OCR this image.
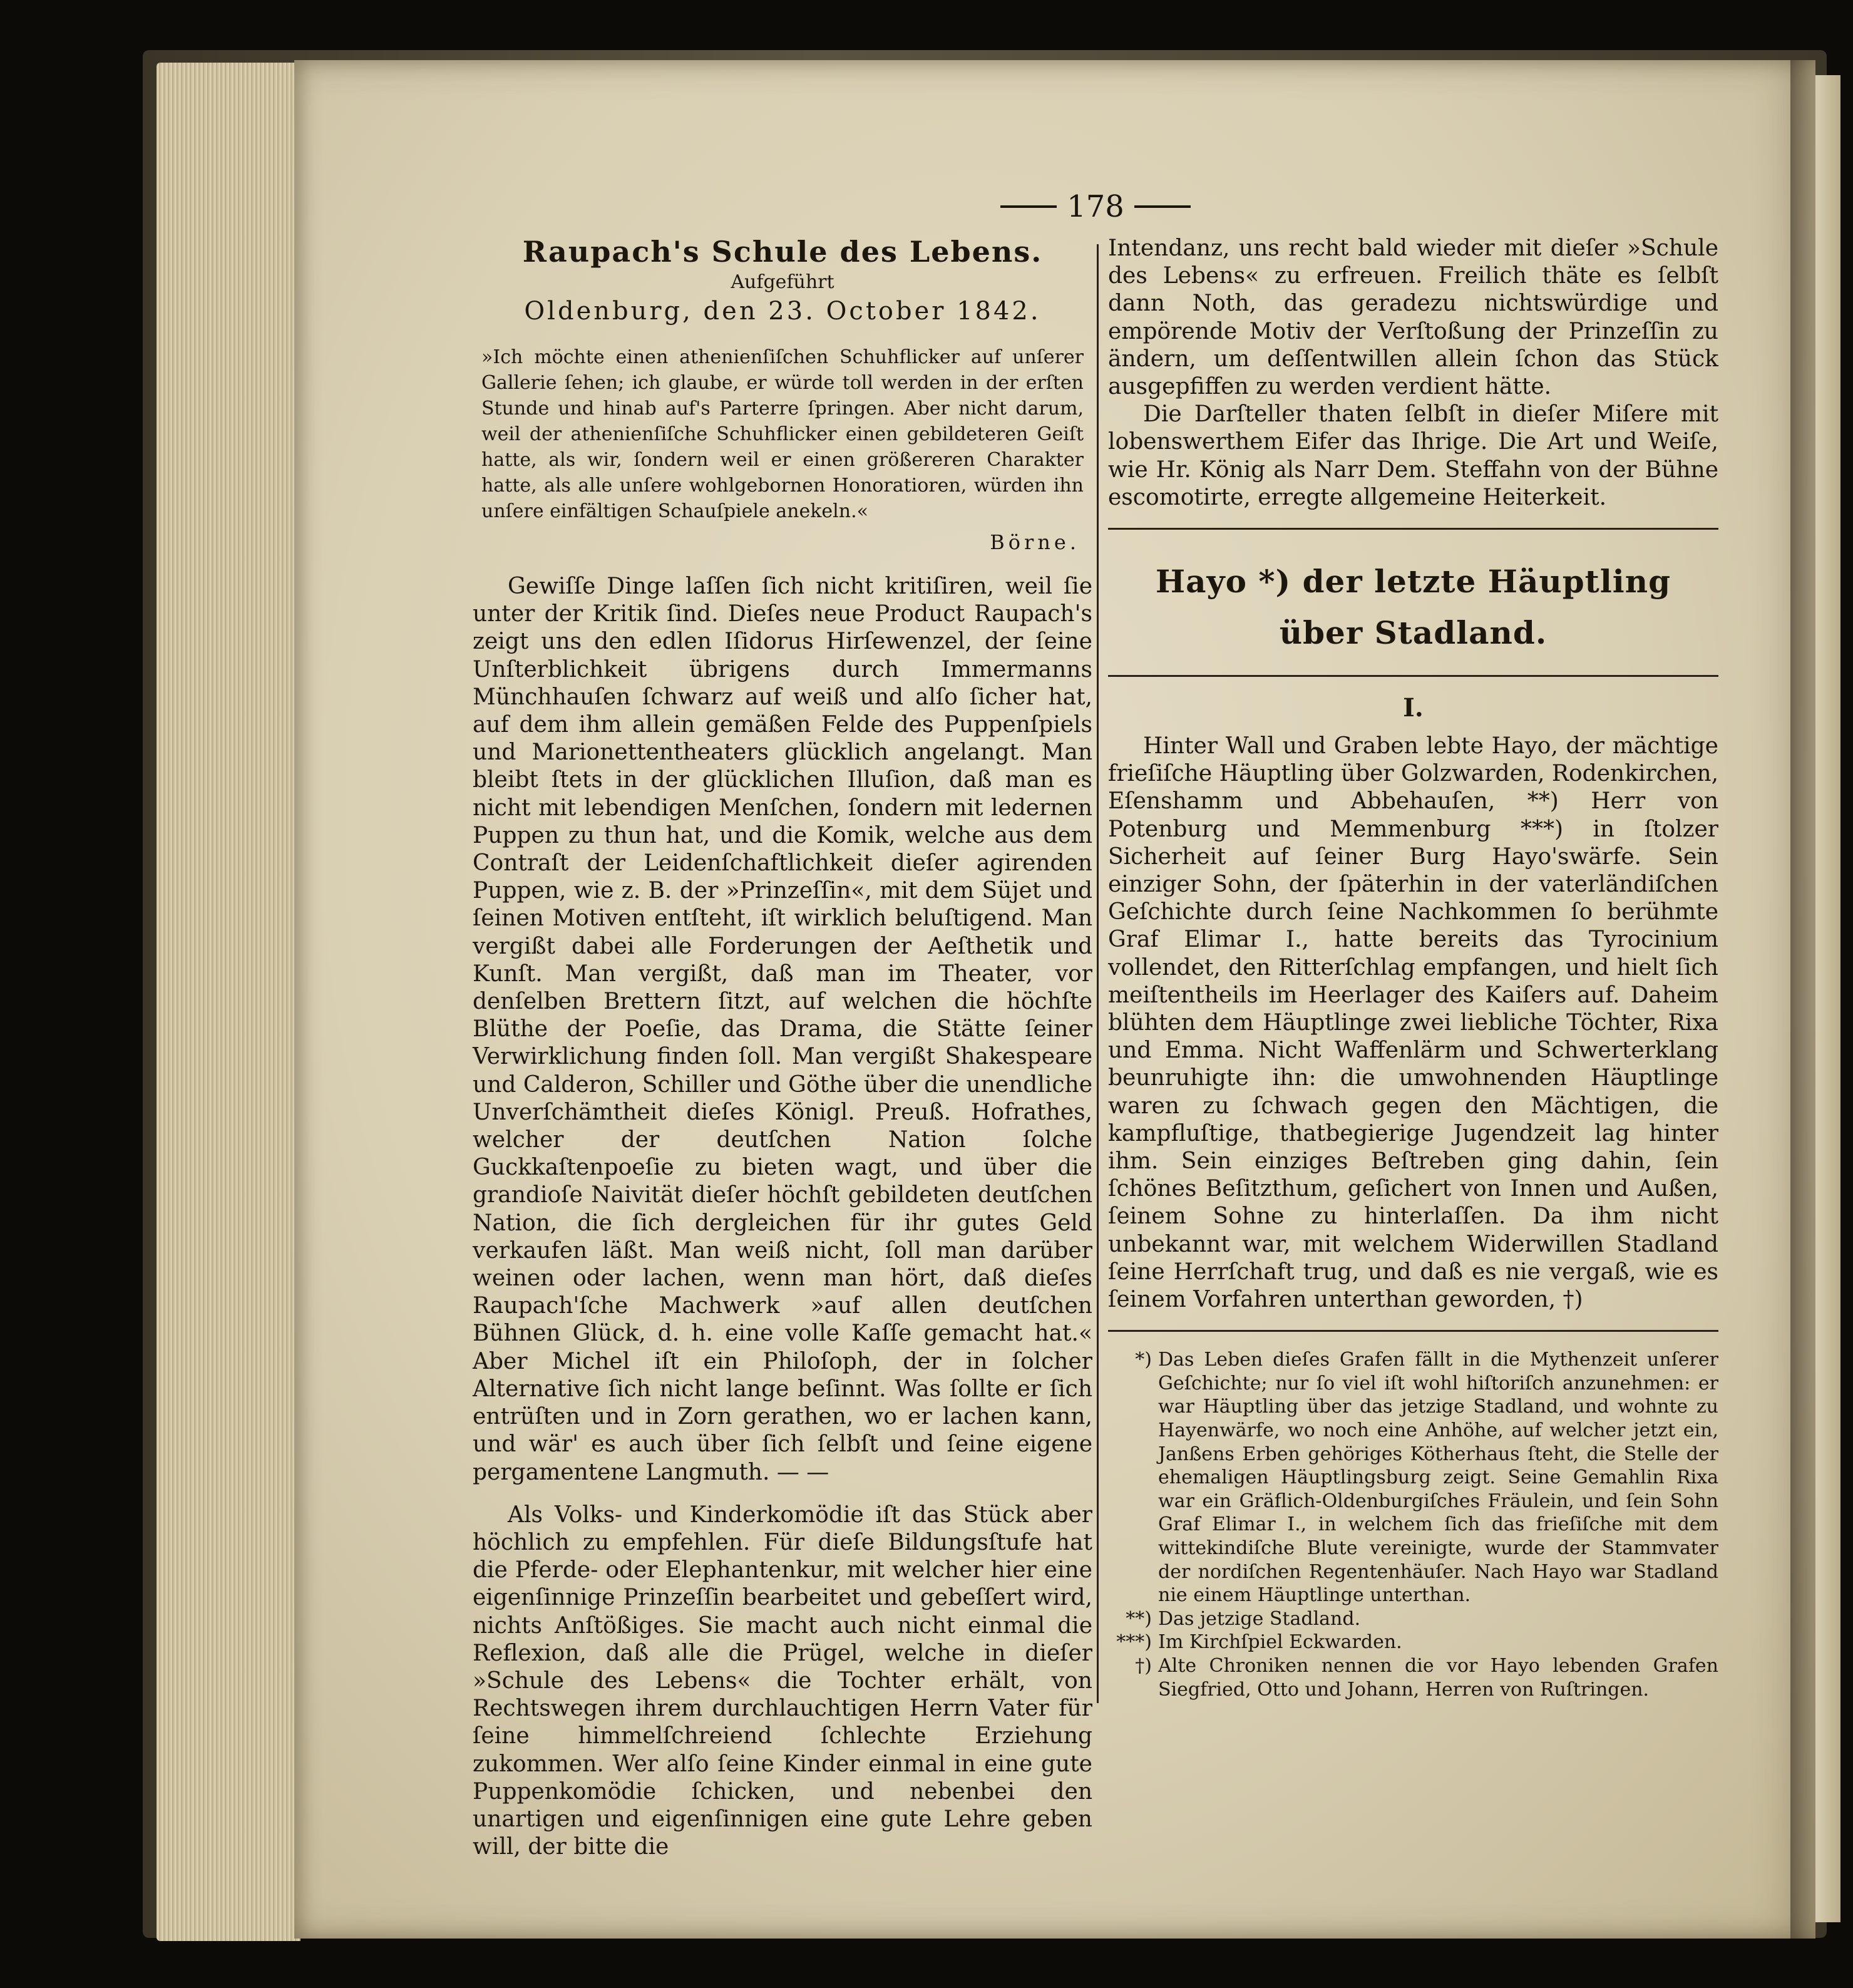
178
Raupach's Schule des Lebens.

Aufgeführt

Oldenburg, den 23. October 1842.

»Ich möchte einen athenienſiſchen Schuhflicker auf unſerer Gallerie ſehen; ich glaube, er würde toll werden in der erſten Stunde und hinab auf's Parterre ſpringen. Aber nicht darum, weil der athenienſiſche Schuhflicker einen gebildeteren Geiſt hatte, als wir, ſondern weil er einen größereren Charakter hatte, als alle unſere wohlgebornen Honoratioren, würden ihn unſere einfältigen Schauſpiele anekeln.«

Börne.

Gewiſſe Dinge laſſen ſich nicht kritiſiren, weil ſie unter der Kritik ſind. Dieſes neue Product Raupach's zeigt uns den edlen Iſidorus Hirſewenzel, der ſeine Unſterblichkeit übrigens durch Immermanns Münchhauſen ſchwarz auf weiß und alſo ſicher hat, auf dem ihm allein gemäßen Felde des Puppenſpiels und Marionettentheaters glücklich angelangt. Man bleibt ſtets in der glücklichen Illuſion, daß man es nicht mit lebendigen Menſchen, ſondern mit ledernen Puppen zu thun hat, und die Komik, welche aus dem Contraſt der Leidenſchaftlichkeit dieſer agirenden Puppen, wie z. B. der »Prinzeſſin«, mit dem Süjet und ſeinen Motiven entſteht, iſt wirklich beluſtigend. Man vergißt dabei alle Forderungen der Aeſthetik und Kunſt. Man vergißt, daß man im Theater, vor denſelben Brettern ſitzt, auf welchen die höchſte Blüthe der Poeſie, das Drama, die Stätte ſeiner Verwirklichung finden ſoll. Man vergißt Shakespeare und Calderon, Schiller und Göthe über die unendliche Unverſchämtheit dieſes Königl. Preuß. Hofrathes, welcher der deutſchen Nation ſolche Guckkaſtenpoeſie zu bieten wagt, und über die grandioſe Naivität dieſer höchſt gebildeten deutſchen Nation, die ſich dergleichen für ihr gutes Geld verkaufen läßt. Man weiß nicht, ſoll man darüber weinen oder lachen, wenn man hört, daß dieſes Raupach'ſche Machwerk »auf allen deutſchen Bühnen Glück, d. h. eine volle Kaſſe gemacht hat.« Aber Michel iſt ein Philoſoph, der in ſolcher Alternative ſich nicht lange beſinnt. Was ſollte er ſich entrüſten und in Zorn gerathen, wo er lachen kann, und wär' es auch über ſich ſelbſt und ſeine eigene pergamentene Langmuth. — —

Als Volks- und Kinderkomödie iſt das Stück aber höchlich zu empfehlen. Für dieſe Bildungsſtufe hat die Pferde- oder Elephantenkur, mit welcher hier eine eigenſinnige Prinzeſſin bearbeitet und gebeſſert wird, nichts Anſtößiges. Sie macht auch nicht einmal die Reflexion, daß alle die Prügel, welche in dieſer »Schule des Lebens« die Tochter erhält, von Rechtswegen ihrem durchlauchtigen Herrn Vater für ſeine himmelſchreiend ſchlechte Erziehung zukommen. Wer alſo ſeine Kinder einmal in eine gute Puppenkomödie ſchicken, und nebenbei den unartigen und eigenſinnigen eine gute Lehre geben will, der bitte die

Intendanz, uns recht bald wieder mit dieſer »Schule des Lebens« zu erfreuen. Freilich thäte es ſelbſt dann Noth, das geradezu nichtswürdige und empörende Motiv der Verſtoßung der Prinzeſſin zu ändern, um deſſentwillen allein ſchon das Stück ausgepfiffen zu werden verdient hätte.

Die Darſteller thaten ſelbſt in dieſer Miſere mit lobenswerthem Eifer das Ihrige. Die Art und Weiſe, wie Hr. König als Narr Dem. Steffahn von der Bühne escomotirte, erregte allgemeine Heiterkeit.

Hayo *) der letzte Häuptling über Stadland.
I.

Hinter Wall und Graben lebte Hayo, der mächtige frieſiſche Häuptling über Golzwarden, Rodenkirchen, Eſenshamm und Abbehauſen, **) Herr von Potenburg und Memmenburg ***) in ſtolzer Sicherheit auf ſeiner Burg Hayo'swärfe. Sein einziger Sohn, der ſpäterhin in der vaterländiſchen Geſchichte durch ſeine Nachkommen ſo berühmte Graf Elimar I., hatte bereits das Tyrocinium vollendet, den Ritterſchlag empfangen, und hielt ſich meiſtentheils im Heerlager des Kaiſers auf. Daheim blühten dem Häuptlinge zwei liebliche Töchter, Rixa und Emma. Nicht Waffenlärm und Schwerterklang beunruhigte ihn: die umwohnenden Häuptlinge waren zu ſchwach gegen den Mächtigen, die kampfluſtige, thatbegierige Jugendzeit lag hinter ihm. Sein einziges Beſtreben ging dahin, ſein ſchönes Beſitzthum, geſichert von Innen und Außen, ſeinem Sohne zu hinterlaſſen. Da ihm nicht unbekannt war, mit welchem Widerwillen Stadland ſeine Herrſchaft trug, und daß es nie vergaß, wie es ſeinem Vorfahren unterthan geworden, †)

*) Das Leben dieſes Grafen fällt in die Mythenzeit unſerer Geſchichte; nur ſo viel iſt wohl hiſtoriſch anzunehmen: er war Häuptling über das jetzige Stadland, und wohnte zu Hayenwärfe, wo noch eine Anhöhe, auf welcher jetzt ein, Janßens Erben gehöriges Kötherhaus ſteht, die Stelle der ehemaligen Häuptlingsburg zeigt. Seine Gemahlin Rixa war ein Gräflich-Oldenburgiſches Fräulein, und ſein Sohn Graf Elimar I., in welchem ſich das frieſiſche mit dem wittekindiſche Blute vereinigte, wurde der Stammvater der nordiſchen Regentenhäuſer. Nach Hayo war Stadland nie einem Häuptlinge unterthan.
**) Das jetzige Stadland.
***) Im Kirchſpiel Eckwarden.
†) Alte Chroniken nennen die vor Hayo lebenden Grafen Siegfried, Otto und Johann, Herren von Ruſtringen.
